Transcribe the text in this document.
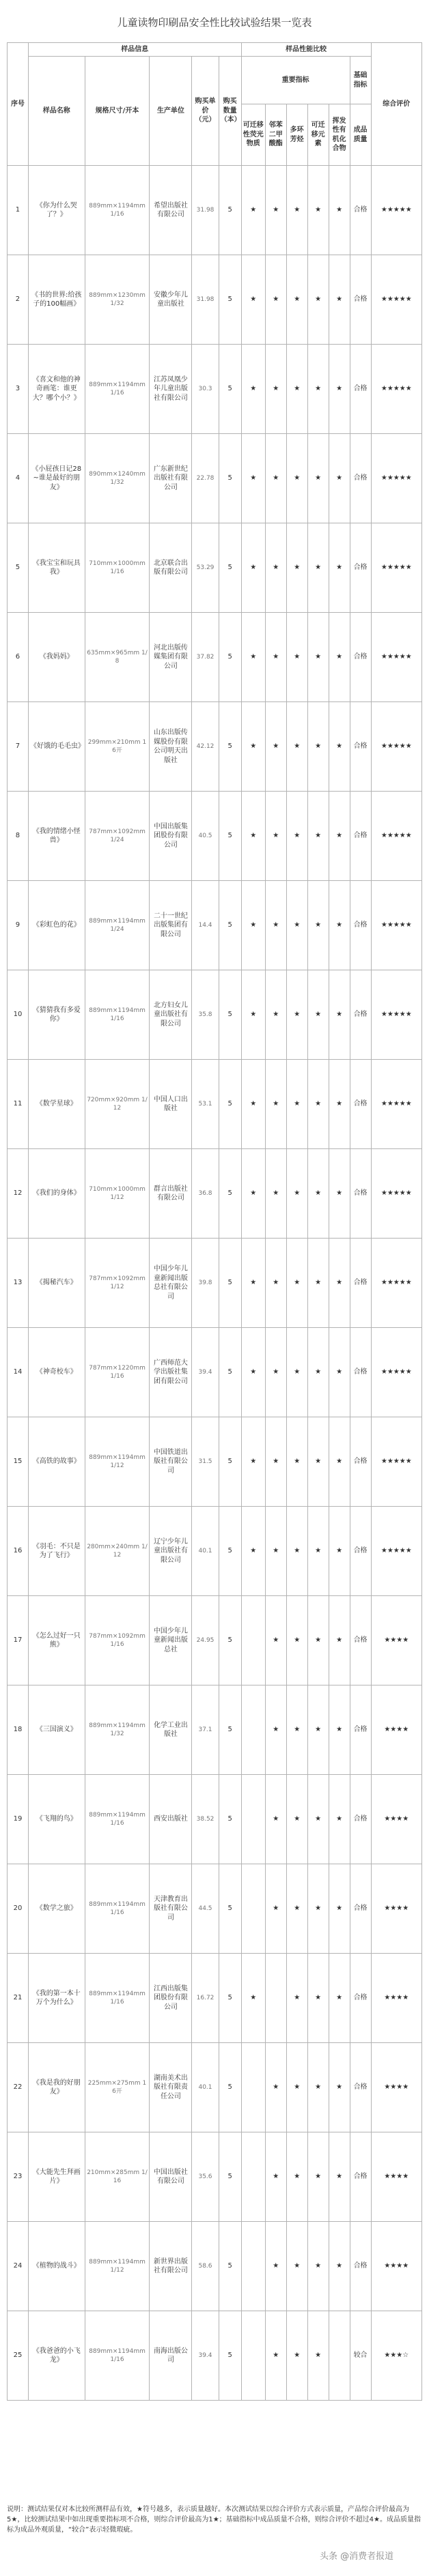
儿童读物印刷品安全性比较试验结果一览表
序号	样品信息					样品性能比较						综合评价
	样品名称	规格尺寸/开本	生产单位	购买单价（元）	购买数量（本）	重要指标					基础指标	

						可迁移性荧光物质	邻苯二甲酸酯	多环芳烃	可迁移元素	挥发性有机化合物	成品质量	
1	《你为什么哭了？》	889mm×1194mm 1/16	希望出版社有限公司	31.98	5	★	★	★	★	★	合格	★★★★★
2	《书的世界:给孩子的100幅画》	889mm×1230mm 1/32	安徽少年儿童出版社	31.98	5	★	★	★	★	★	合格	★★★★★
3	《喜文和他的神奇画笔：谁更大？哪个小？》	889mm×1194mm 1/16	江苏凤凰少年儿童出版社有限公司	30.3	5	★	★	★	★	★	合格	★★★★★
4	《小屁孩日记28~谁是最好的朋友》	890mm×1240mm 1/32	广东新世纪出版社有限公司	22.78	5	★	★	★	★	★	合格	★★★★★
5	《我宝宝和玩具我》	710mm×1000mm 1/16	北京联合出版有限公司	53.29	5	★	★	★	★	★	合格	★★★★★
6	《我妈妈》	635mm×965mm 1/8	河北出版传媒集团有限公司	37.82	5	★	★	★	★	★	合格	★★★★★
7	《好饿的毛毛虫》	299mm×210mm 16开	山东出版传媒股份有限公司明天出版社	42.12	5	★	★	★	★	★	合格	★★★★★
8	《我的情绪小怪兽》	787mm×1092mm 1/24	中国出版集团股份有限公司	40.5	5	★	★	★	★	★	合格	★★★★★
9	《彩虹色的花》	889mm×1194mm 1/24	二十一世纪出版集团有限公司	14.4	5	★	★	★	★	★	合格	★★★★★
10	《猜猜我有多爱你》	889mm×1194mm 1/16	北方妇女儿童出版社有限公司	35.8	5	★	★	★	★	★	合格	★★★★★
11	《数学星球》	720mm×920mm 1/12	中国人口出版社	53.1	5	★	★	★	★	★	合格	★★★★★
12	《我们的身体》	710mm×1000mm 1/12	群言出版社有限公司	36.8	5	★	★	★	★	★	合格	★★★★★
13	《揭秘汽车》	787mm×1092mm 1/12	中国少年儿童新闻出版总社有限公司	39.8	5	★	★	★	★	★	合格	★★★★★
14	《神奇校车》	787mm×1220mm 1/16	广西师范大学出版社集团有限公司	39.4	5	★	★	★	★	★	合格	★★★★★
15	《高铁的故事》	889mm×1194mm 1/12	中国铁道出版社有限公司	31.5	5	★	★	★	★	★	合格	★★★★★
16	《羽毛：不只是为了飞行》	280mm×240mm 1/12	辽宁少年儿童出版社有限公司	40.1	5	★	★	★	★	★	合格	★★★★★
17	《怎么过好一只熊》	787mm×1092mm 1/16	中国少年儿童新闻出版总社	24.95	5		★	★	★	★	合格	★★★★
18	《三国演义》	889mm×1194mm 1/32	化学工业出版社	37.1	5		★	★	★	★	合格	★★★★
19	《飞翔的鸟》	889mm×1194mm 1/16	西安出版社	38.52	5		★	★	★	★	合格	★★★★
20	《数学之旅》	889mm×1194mm 1/16	天津教育出版社有限公司	44.5	5		★	★	★	★	合格	★★★★
21	《我的第一本十万个为什么》	889mm×1194mm 1/16	江西出版集团股份有限公司	16.72	5	★		★	★	★	合格	★★★★
22	《我是我的好朋友》	225mm×275mm 16开	湖南美术出版社有限责任公司	40.1	5		★	★	★	★	合格	★★★★
23	《大能先生拜画片》	210mm×285mm 1/16	中国出版社有限公司	35.6	5		★	★	★	★	合格	★★★★
24	《植物的战斗》	889mm×1194mm 1/12	新世界出版社有限公司	58.6	5		★	★	★	★	合格	★★★★
25	《我爸爸的小飞龙》	889mm×1194mm 1/16	南海出版公司	39.4	5		★	★	★		较合	★★★☆
说明：测试结果仅对本比较所测样品有效，★符号越多，表示质量越好。本次测试结果以综合评价方式表示质量，产品综合评价最高为5★，比较测试结果中如出现重要指标项不合格，则综合评价最高为1★；基础指标中成品质量不合格，则综合评价不超过4★。成品质量指标为成品外观质量，“较合”表示轻微瑕疵。
头条 @消费者报道
